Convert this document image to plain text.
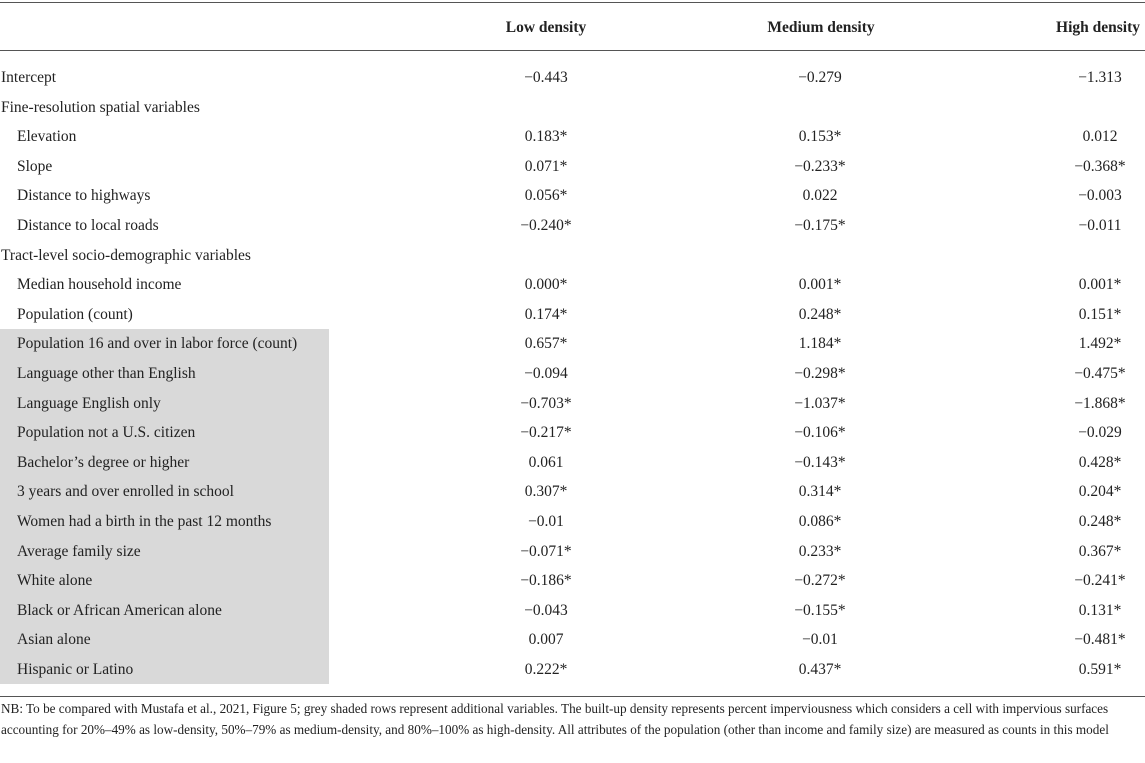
Low density	Medium density	High density
Intercept	−0.443	−0.279	−1.313
Fine-resolution spatial variables
Elevation	0.183*	0.153*	0.012
Slope	0.071*	−0.233*	−0.368*
Distance to highways	0.056*	0.022	−0.003
Distance to local roads	−0.240*	−0.175*	−0.011
Tract-level socio-demographic variables
Median household income	0.000*	0.001*	0.001*
Population (count)	0.174*	0.248*	0.151*
Population 16 and over in labor force (count)	0.657*	1.184*	1.492*
Language other than English	−0.094	−0.298*	−0.475*
Language English only	−0.703*	−1.037*	−1.868*
Population not a U.S. citizen	−0.217*	−0.106*	−0.029
Bachelor’s degree or higher	0.061	−0.143*	0.428*
3 years and over enrolled in school	0.307*	0.314*	0.204*
Women had a birth in the past 12 months	−0.01	0.086*	0.248*
Average family size	−0.071*	0.233*	0.367*
White alone	−0.186*	−0.272*	−0.241*
Black or African American alone	−0.043	−0.155*	0.131*
Asian alone	0.007	−0.01	−0.481*
Hispanic or Latino	0.222*	0.437*	0.591*
NB: To be compared with Mustafa et al., 2021, Figure 5; grey shaded rows represent additional variables. The built-up density represents percent imperviousness which considers a cell with impervious surfaces accounting for 20%–49% as low-density, 50%–79% as medium-density, and 80%–100% as high-density. All attributes of the population (other than income and family size) are measured as counts in this model
